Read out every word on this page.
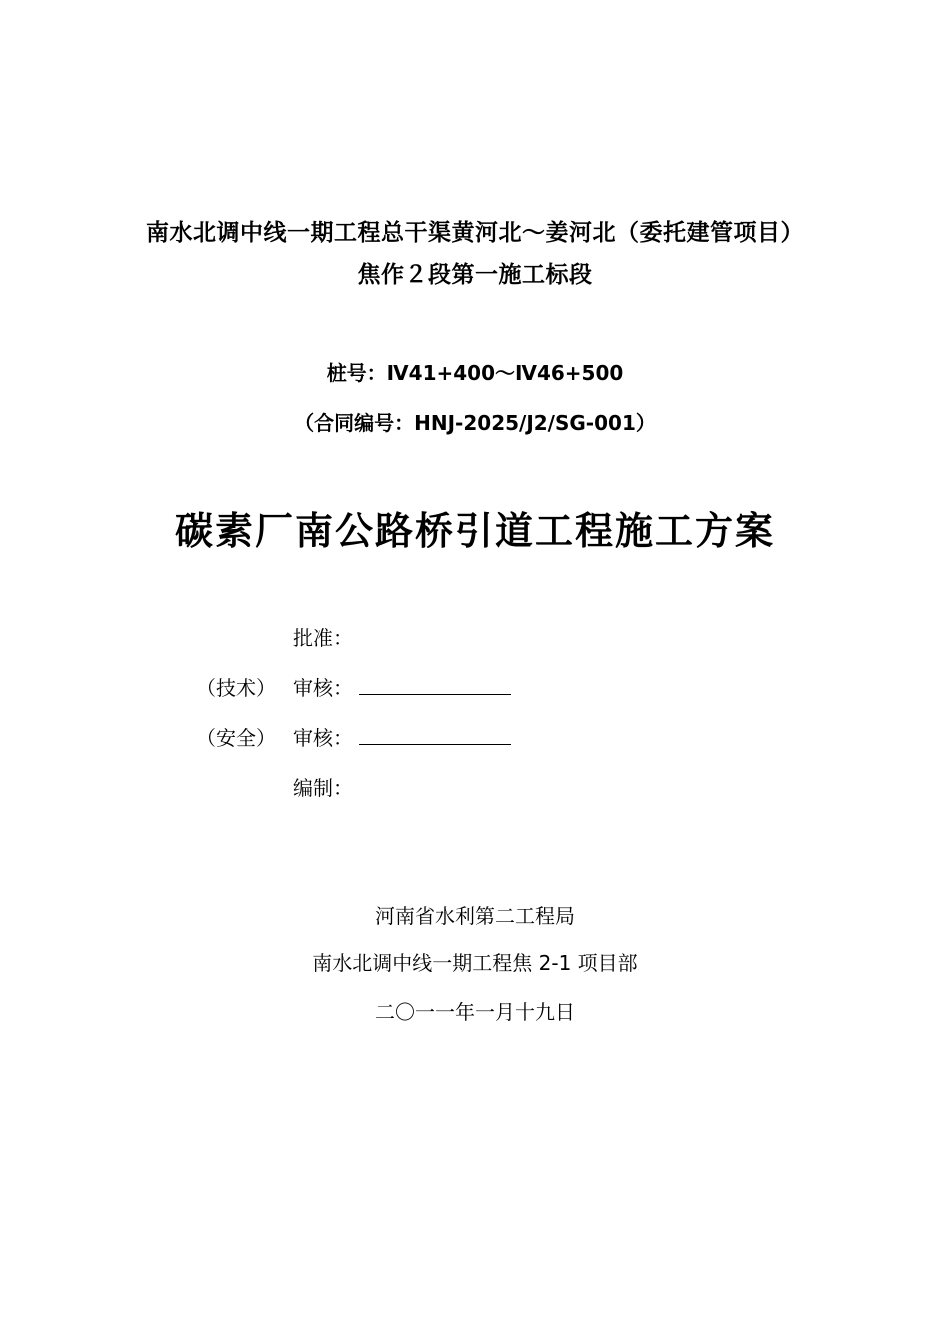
南水北调中线一期工程总干渠黄河北～姜河北（委托建管项目）
焦作２段第一施工标段
桩号：Ⅳ41+400～Ⅳ46+500
（合同编号：HNJ-2025/J2/SG-001）
碳素厂南公路桥引道工程施工方案
批准：
（技术） 审核：
（安全） 审核：
编制：
河南省水利第二工程局
南水北调中线一期工程焦 2-1 项目部
二〇一一年一月十九日
